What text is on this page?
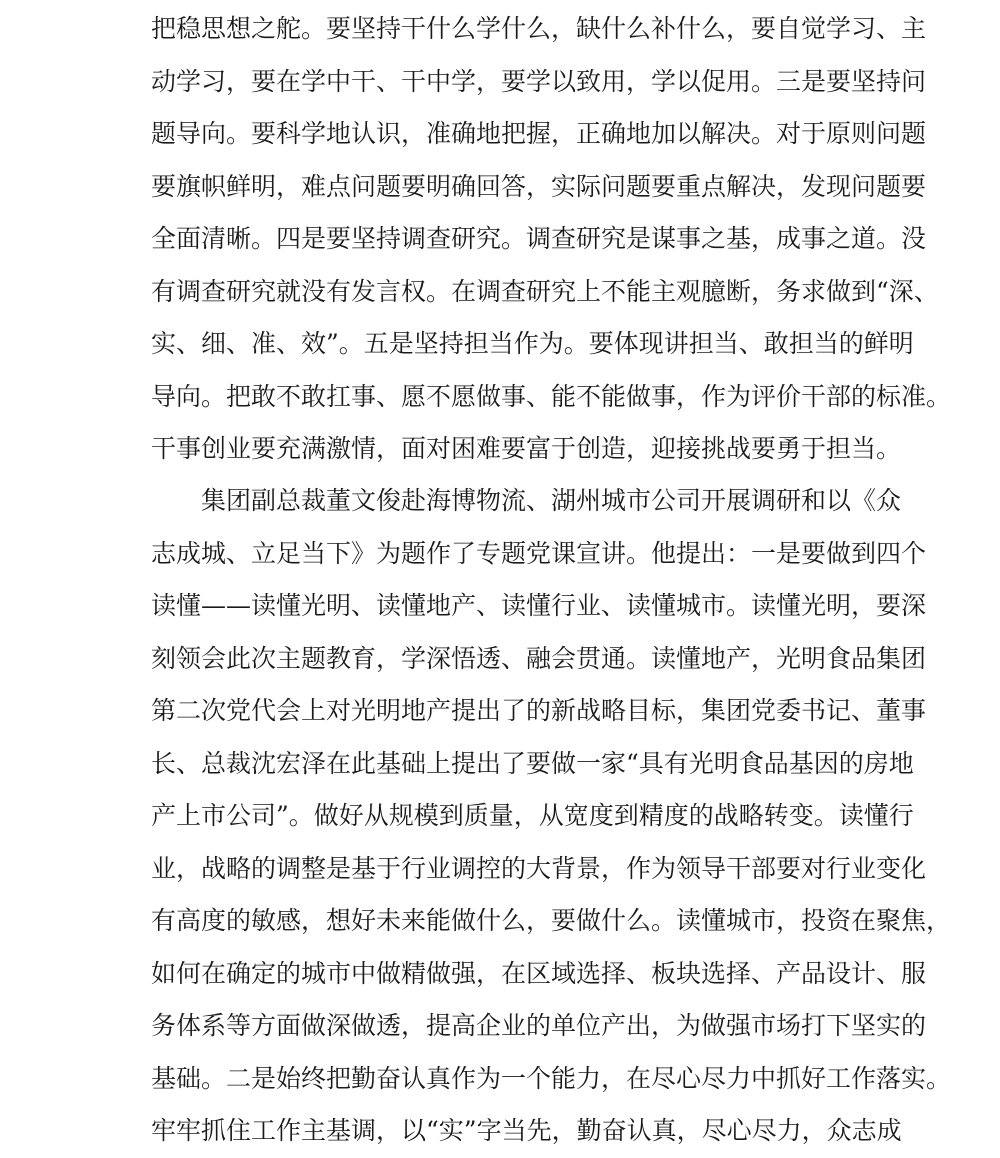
把稳思想之舵。要坚持干什么学什么，缺什么补什么，要自觉学习、主
动学习，要在学中干、干中学，要学以致用，学以促用。三是要坚持问
题导向。要科学地认识，准确地把握，正确地加以解决。对于原则问题
要旗帜鲜明，难点问题要明确回答，实际问题要重点解决，发现问题要
全面清晰。四是要坚持调查研究。调查研究是谋事之基，成事之道。没
有调查研究就没有发言权。在调查研究上不能主观臆断，务求做到“深、
实、细、准、效”。五是坚持担当作为。要体现讲担当、敢担当的鲜明
导向。把敢不敢扛事、愿不愿做事、能不能做事，作为评价干部的标准。
干事创业要充满激情，面对困难要富于创造，迎接挑战要勇于担当。
集团副总裁董文俊赴海博物流、湖州城市公司开展调研和以《众
志成城、立足当下》为题作了专题党课宣讲。他提出：一是要做到四个
读懂——读懂光明、读懂地产、读懂行业、读懂城市。读懂光明，要深
刻领会此次主题教育，学深悟透、融会贯通。读懂地产，光明食品集团
第二次党代会上对光明地产提出了的新战略目标，集团党委书记、董事
长、总裁沈宏泽在此基础上提出了要做一家“具有光明食品基因的房地
产上市公司”。做好从规模到质量，从宽度到精度的战略转变。读懂行
业，战略的调整是基于行业调控的大背景，作为领导干部要对行业变化
有高度的敏感，想好未来能做什么，要做什么。读懂城市，投资在聚焦，
如何在确定的城市中做精做强，在区域选择、板块选择、产品设计、服
务体系等方面做深做透，提高企业的单位产出，为做强市场打下坚实的
基础。二是始终把勤奋认真作为一个能力，在尽心尽力中抓好工作落实。
牢牢抓住工作主基调，以“实”字当先，勤奋认真，尽心尽力，众志成
